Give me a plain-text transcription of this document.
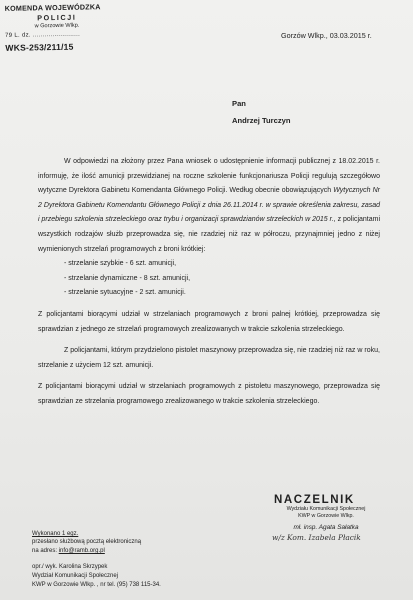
KOMENDA WOJEWÓDZKA
POLICJI
w Gorzowie Wlkp.
79 L. dz. ........................
WKS-253/211/15
Gorzów Wlkp., 03.03.2015 r.
Pan
Andrzej Turczyn

W odpowiedzi na złożony przez Pana wniosek o udostępnienie informacji publicznej z 18.02.2015 r. informuję, że ilość amunicji przewidzianej na roczne szkolenie funkcjonariusza Policji regulują szczegółowo wytyczne Dyrektora Gabinetu Komendanta Głównego Policji. Według obecnie obowiązujących Wytycznych Nr 2 Dyrektora Gabinetu Komendantu Głównego Policji z dnia 26.11.2014 r. w sprawie określenia zakresu, zasad i przebiegu szkolenia strzeleckiego oraz trybu i organizacji sprawdzianów strzeleckich w 2015 r., z policjantami wszystkich rodzajów służb przeprowadza się, nie rzadziej niż raz w półroczu, przynajmniej jedno z niżej wymienionych strzelań programowych z broni krótkiej:

- strzelanie szybkie - 6 szt. amunicji,

- strzelanie dynamiczne - 8 szt. amunicji,

- strzelanie sytuacyjne - 2 szt. amunicji.

Z policjantami biorącymi udział w strzelaniach programowych z broni palnej krótkiej, przeprowadza się sprawdzian z jednego ze strzelań programowych zrealizowanych w trakcie szkolenia strzeleckiego.

Z policjantami, którym przydzielono pistolet maszynowy przeprowadza się, nie rzadziej niż raz w roku, strzelanie z użyciem 12 szt. amunicji.

Z policjantami biorącymi udział w strzelaniach programowych z pistoletu maszynowego, przeprowadza się sprawdzian ze strzelania programowego zrealizowanego w trakcie szkolenia strzeleckiego.

NACZELNIK
Wydziału Komunikacji Społecznej
KWP w Gorzowie Wlkp.
mł. insp. Agata Sałatka
w/z Kom. Izabela Płacik
Wykonano 1 egz.
przesłano służbową pocztą elektroniczną
na adres: info@ramb.org.pl
opr./ wyk. Karolina Skrzypek
Wydział Komunikacji Społecznej
KWP w Gorzowie Wlkp. , nr tel. (95) 738 115-34.
